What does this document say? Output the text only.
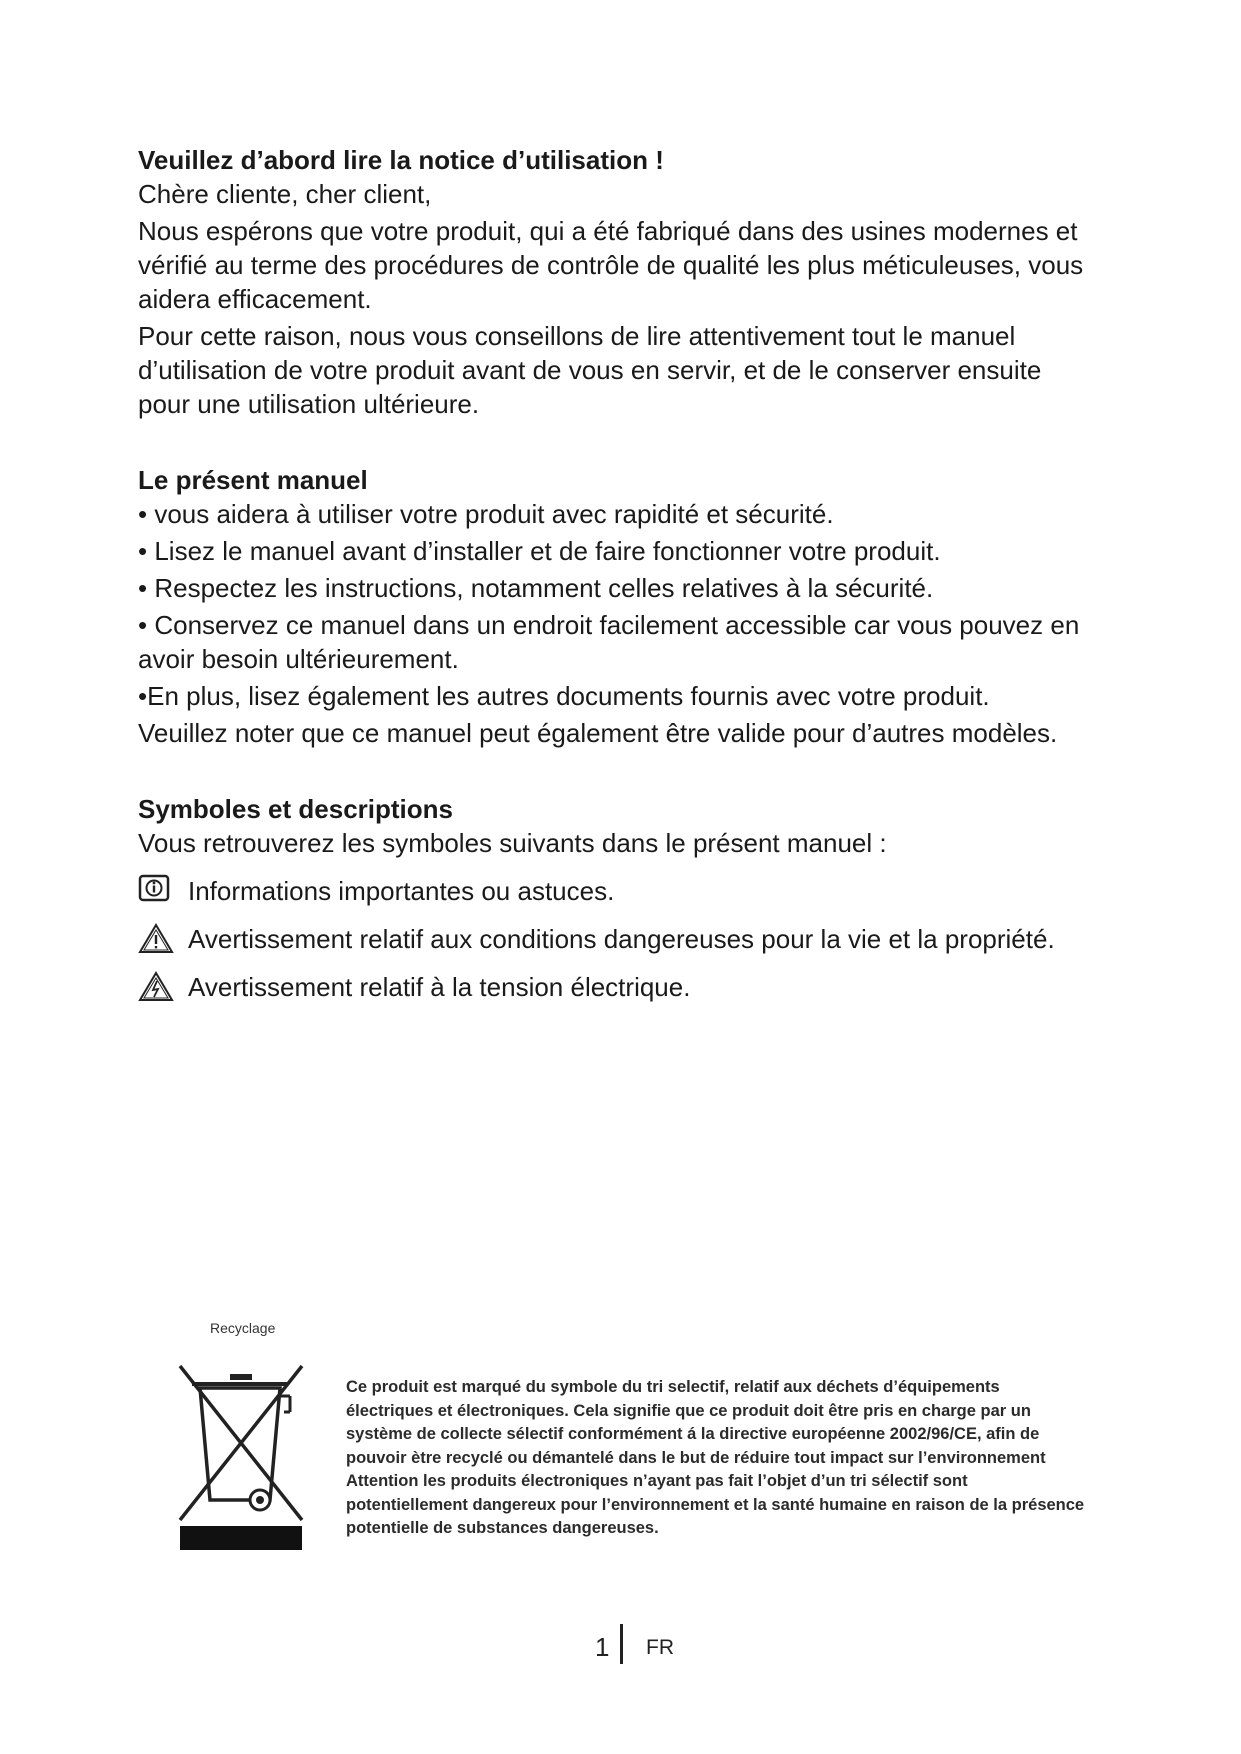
Veuillez d’abord lire la notice d’utilisation !

Chère cliente, cher client,

Nous espérons que votre produit, qui a été fabriqué dans des usines modernes et vérifié au terme des procédures de contrôle de qualité les plus méticuleuses, vous aidera efficacement.

Pour cette raison, nous vous conseillons de lire attentivement tout le manuel d’utilisation de votre produit avant de vous en servir, et de le conserver ensuite pour une utilisation ultérieure.

Le présent manuel

• vous aidera à utiliser votre produit avec rapidité et sécurité.

• Lisez le manuel avant d’installer et de faire fonctionner votre produit.

• Respectez les instructions, notamment celles relatives à la sécurité.

• Conservez ce manuel dans un endroit facilement accessible car vous pouvez en avoir besoin ultérieurement.

•En plus, lisez également les autres documents fournis avec votre produit.

Veuillez noter que ce manuel peut également être valide pour d’autres modèles.

Symboles et descriptions

Vous retrouverez les symboles suivants dans le présent manuel :

Informations importantes ou astuces.
Avertissement relatif aux conditions dangereuses pour la vie et la propriété.
Avertissement relatif à la tension électrique.
Recyclage
Ce produit est marqué du symbole du tri selectif, relatif aux déchets d’équipements électriques et électroniques. Cela signifie que ce produit doit être pris en charge par un système de collecte sélectif conformément á la directive européenne 2002/96/CE, afin de pouvoir ètre recyclé ou démantelé dans le but de réduire tout impact sur l’environnement Attention les produits électroniques n’ayant pas fait l’objet d’un tri sélectif sont potentiellement dangereux pour l’environnement et la santé humaine en raison de la présence potentielle de substances dangereuses.
1 FR
